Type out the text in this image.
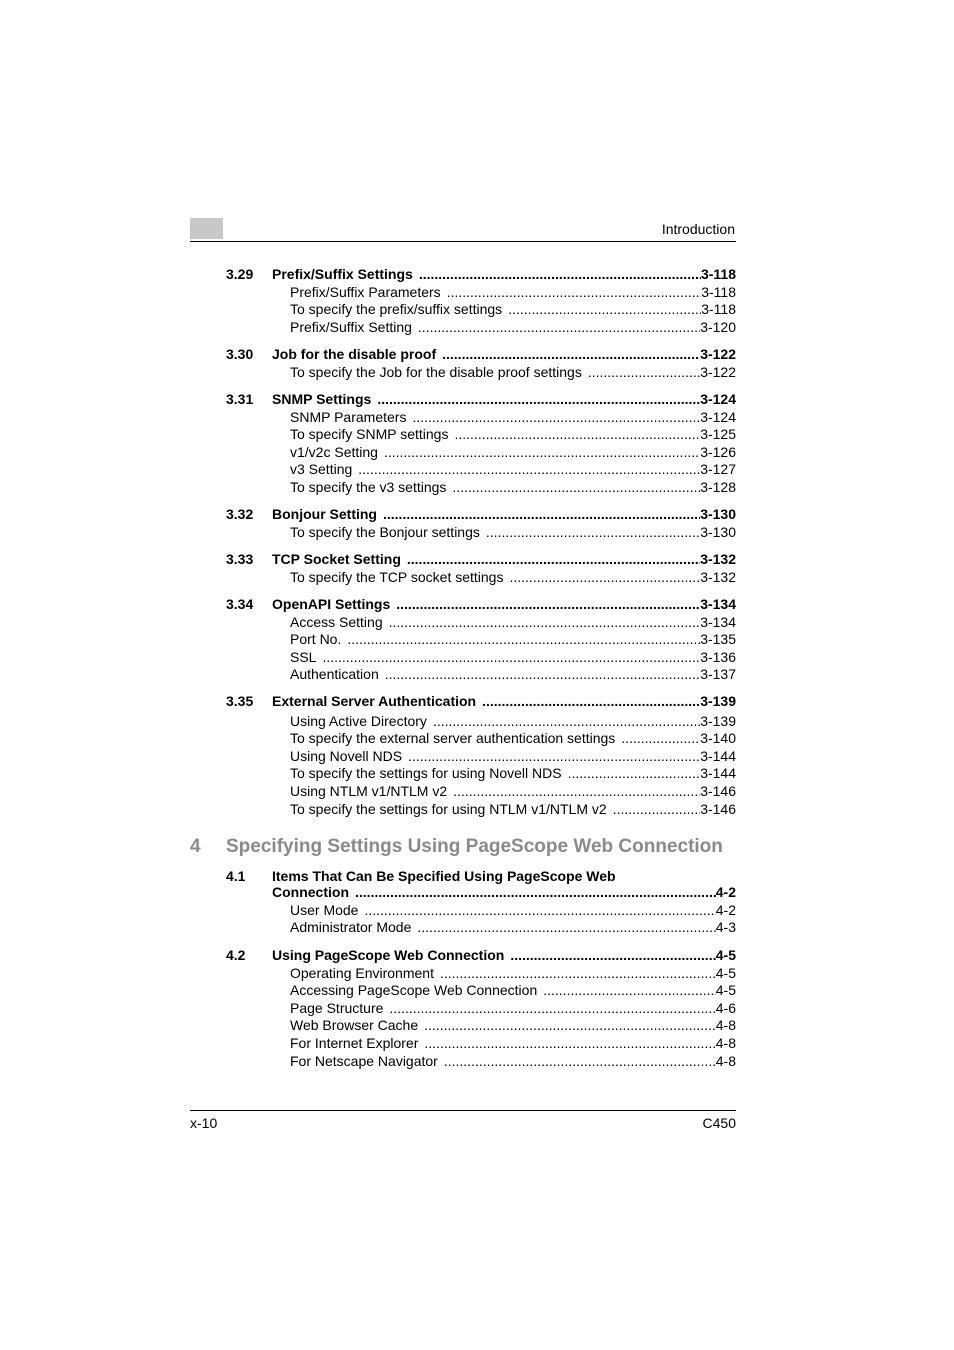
Introduction
3.29 Prefix/Suffix Settings .....	3-118
Prefix/Suffix Parameters .....	3-118
To specify the prefix/suffix settings .....	3-118
Prefix/Suffix Setting .....	3-120
3.30 Job for the disable proof .....	3-122
To specify the Job for the disable proof settings .....	3-122
3.31 SNMP Settings .....	3-124
SNMP Parameters .....	3-124
To specify SNMP settings .....	3-125
v1/v2c Setting .....	3-126
v3 Setting .....	3-127
To specify the v3 settings .....	3-128
3.32 Bonjour Setting .....	3-130
To specify the Bonjour settings .....	3-130
3.33 TCP Socket Setting .....	3-132
To specify the TCP socket settings .....	3-132
3.34 OpenAPI Settings .....	3-134
Access Setting .....	3-134
Port No. .....	3-135
SSL .....	3-136
Authentication .....	3-137
3.35 External Server Authentication .....	3-139
Using Active Directory .....	3-139
To specify the external server authentication settings .....	3-140
Using Novell NDS .....	3-144
To specify the settings for using Novell NDS .....	3-144
Using NTLM v1/NTLM v2 .....	3-146
To specify the settings for using NTLM v1/NTLM v2 .....	3-146
4 Specifying Settings Using PageScope Web Connection
4.1 Items That Can Be Specified Using PageScope Web
Connection .....	4-2
User Mode .....	4-2
Administrator Mode .....	4-3
4.2 Using PageScope Web Connection .....	4-5
Operating Environment .....	4-5
Accessing PageScope Web Connection .....	4-5
Page Structure .....	4-6
Web Browser Cache .....	4-8
For Internet Explorer .....	4-8
For Netscape Navigator .....	4-8
x-10	C450
